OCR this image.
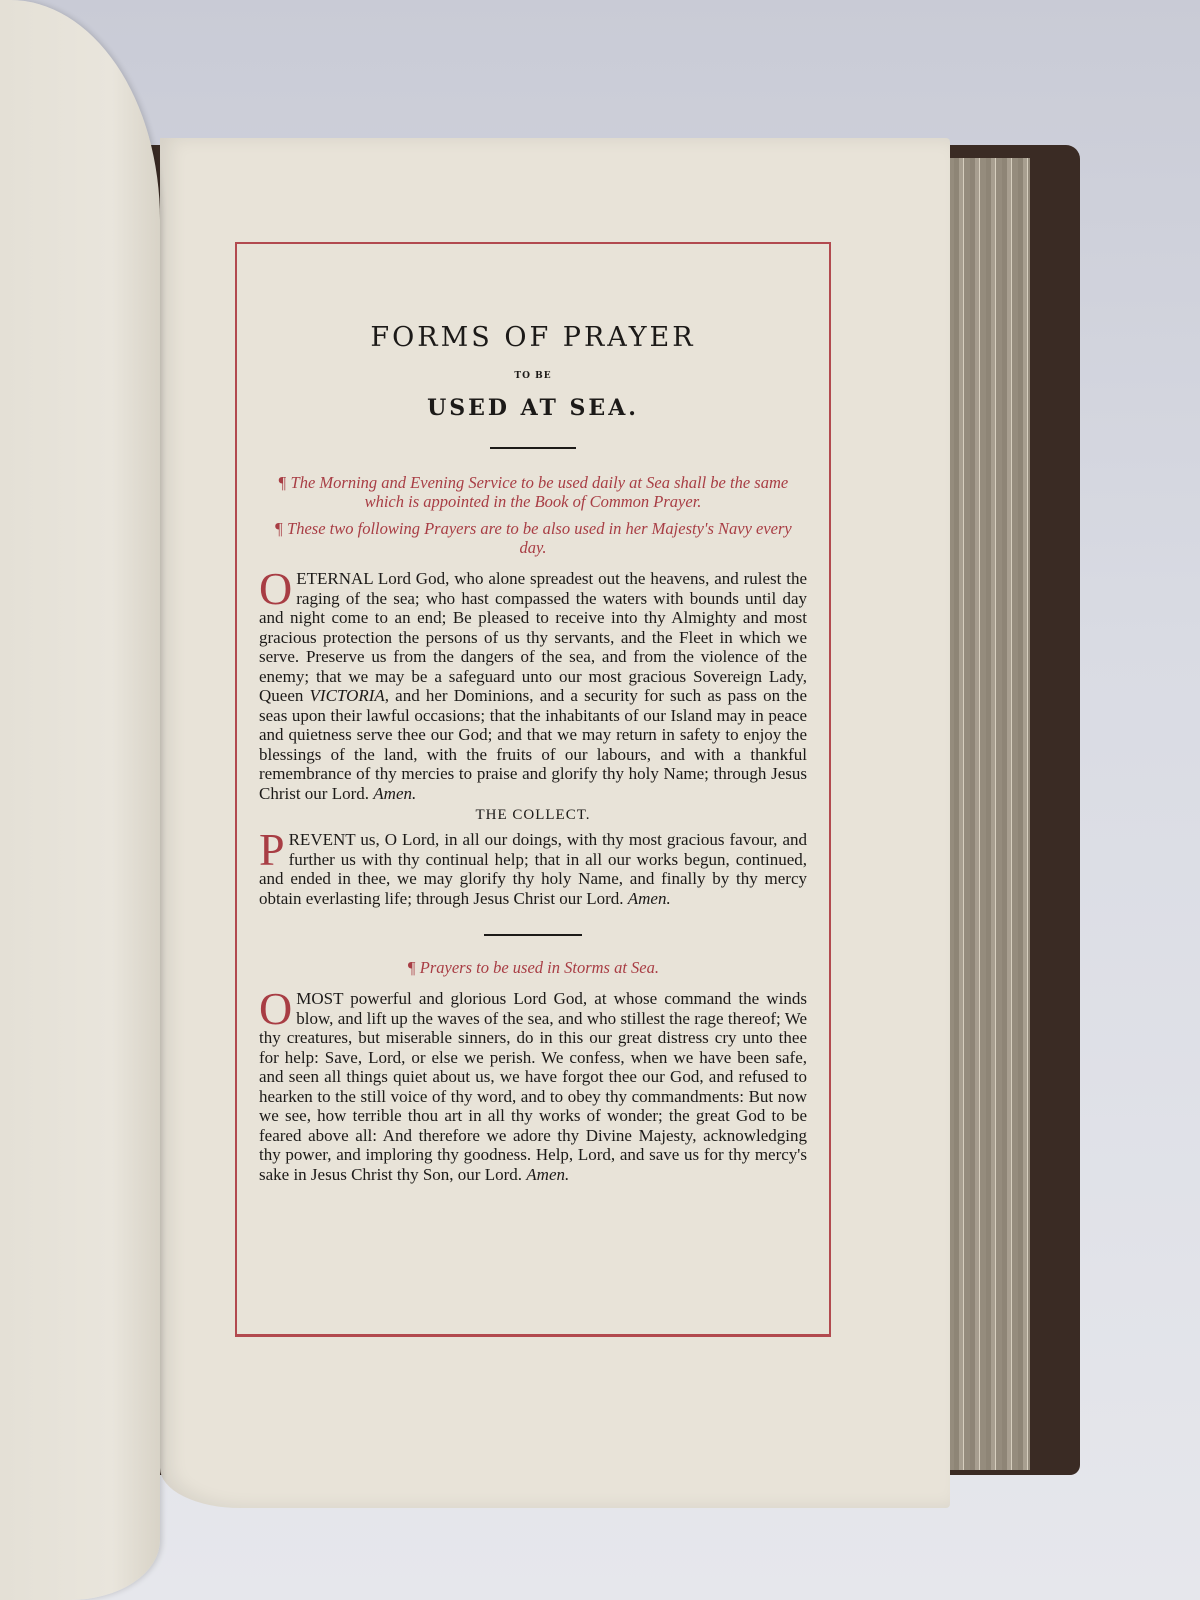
FORMS OF PRAYER
TO BE
USED AT SEA.

¶ The Morning and Evening Service to be used daily at Sea shall be the same which is appointed in the Book of Common Prayer.

¶ These two following Prayers are to be also used in her Majesty's Navy every day.

OETERNAL Lord God, who alone spreadest out the heavens, and rulest the raging of the sea; who hast compassed the waters with bounds until day and night come to an end; Be pleased to receive into thy Almighty and most gracious protection the persons of us thy servants, and the Fleet in which we serve. Preserve us from the dangers of the sea, and from the violence of the enemy; that we may be a safeguard unto our most gracious Sovereign Lady, Queen VICTORIA, and her Dominions, and a security for such as pass on the seas upon their lawful occasions; that the inhabitants of our Island may in peace and quietness serve thee our God; and that we may return in safety to enjoy the blessings of the land, with the fruits of our labours, and with a thankful remembrance of thy mercies to praise and glorify thy holy Name; through Jesus Christ our Lord. Amen.

THE COLLECT.

PREVENT us, O Lord, in all our doings, with thy most gracious favour, and further us with thy continual help; that in all our works begun, continued, and ended in thee, we may glorify thy holy Name, and finally by thy mercy obtain everlasting life; through Jesus Christ our Lord. Amen.

¶ Prayers to be used in Storms at Sea.

OMOST powerful and glorious Lord God, at whose command the winds blow, and lift up the waves of the sea, and who stillest the rage thereof; We thy creatures, but miserable sinners, do in this our great distress cry unto thee for help: Save, Lord, or else we perish. We confess, when we have been safe, and seen all things quiet about us, we have forgot thee our God, and refused to hearken to the still voice of thy word, and to obey thy commandments: But now we see, how terrible thou art in all thy works of wonder; the great God to be feared above all: And therefore we adore thy Divine Majesty, acknowledging thy power, and imploring thy goodness. Help, Lord, and save us for thy mercy's sake in Jesus Christ thy Son, our Lord. Amen.
